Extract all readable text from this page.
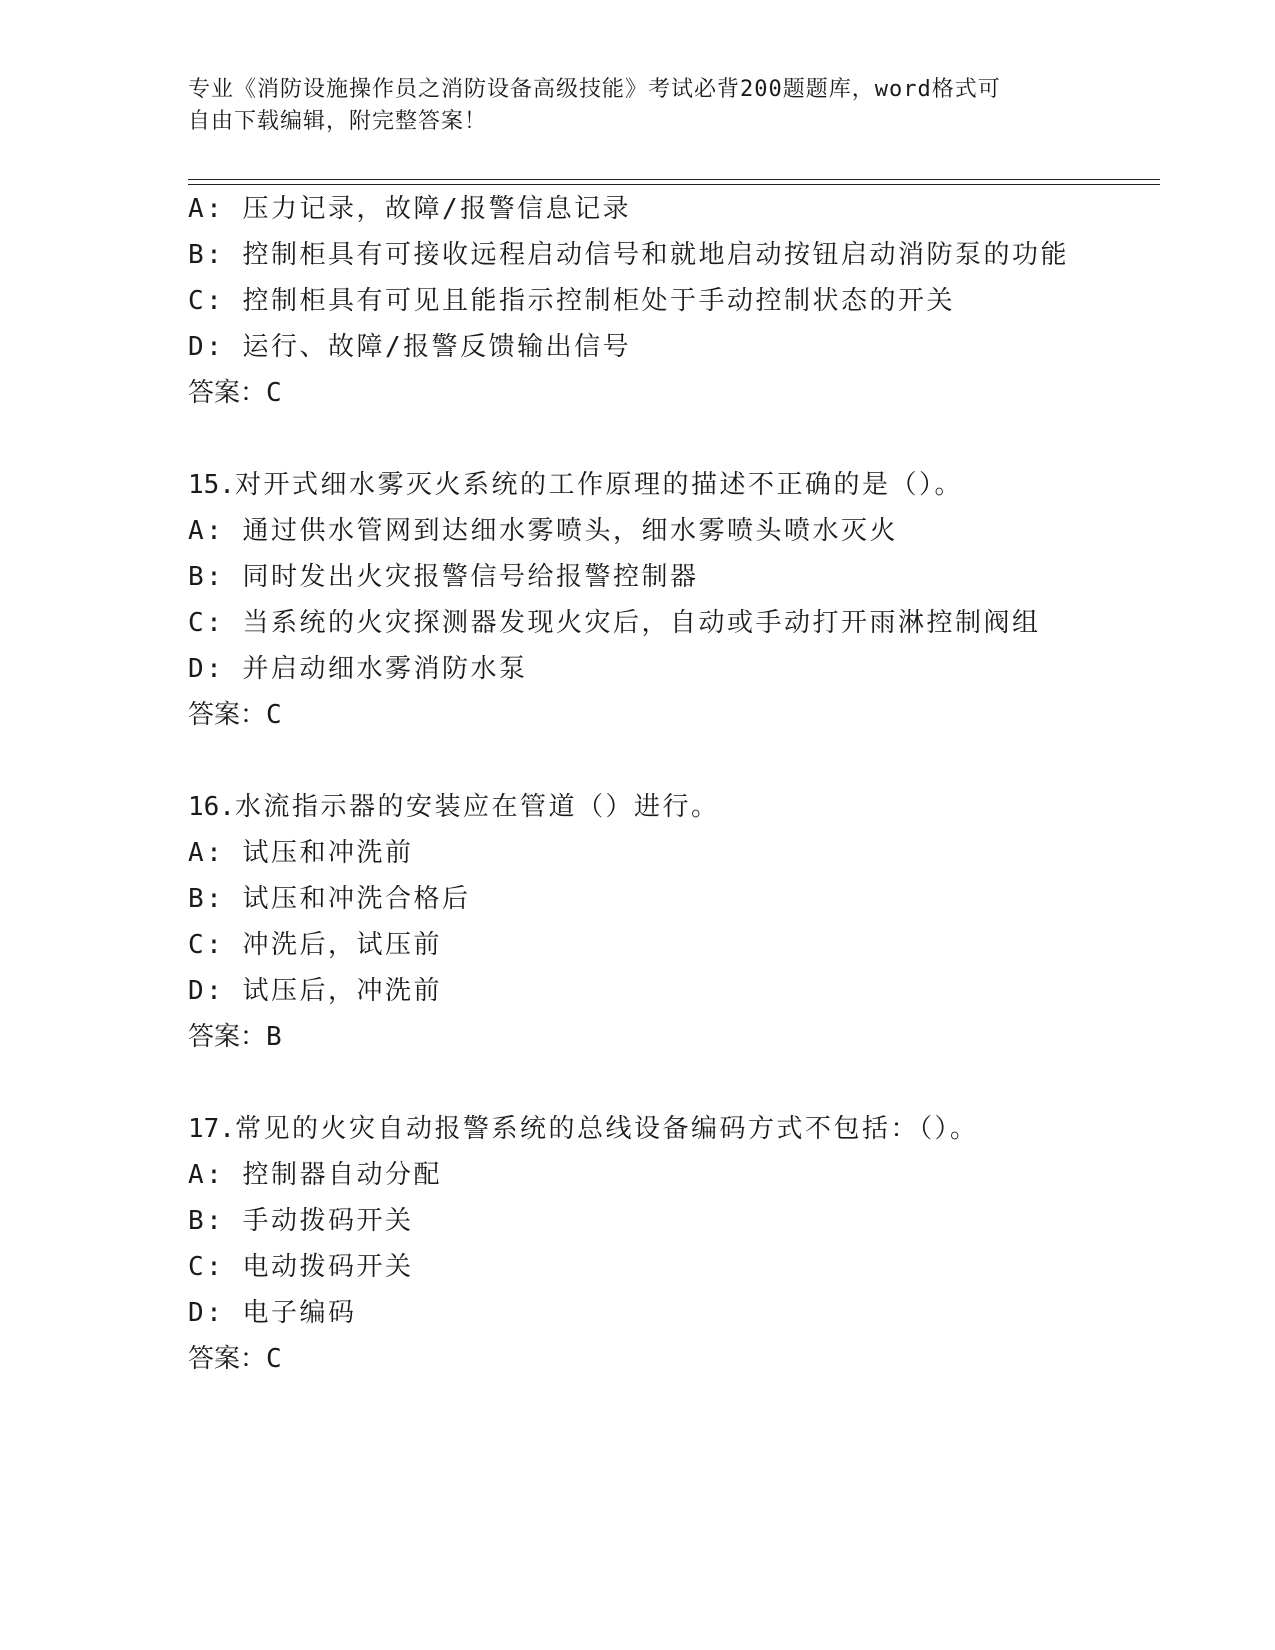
专业《消防设施操作员之消防设备高级技能》考试必背200题题库，word格式可
自由下载编辑，附完整答案！
A: 压力记录，故障/报警信息记录
B: 控制柜具有可接收远程启动信号和就地启动按钮启动消防泵的功能
C: 控制柜具有可见且能指示控制柜处于手动控制状态的开关
D: 运行、故障/报警反馈输出信号
答案：C
15.对开式细水雾灭火系统的工作原理的描述不正确的是（）。
A: 通过供水管网到达细水雾喷头，细水雾喷头喷水灭火
B: 同时发出火灾报警信号给报警控制器
C: 当系统的火灾探测器发现火灾后，自动或手动打开雨淋控制阀组
D: 并启动细水雾消防水泵
答案：C
16.水流指示器的安装应在管道（）进行。
A: 试压和冲洗前
B: 试压和冲洗合格后
C: 冲洗后，试压前
D: 试压后，冲洗前
答案：B
17.常见的火灾自动报警系统的总线设备编码方式不包括：（）。
A: 控制器自动分配
B: 手动拨码开关
C: 电动拨码开关
D: 电子编码
答案：C
